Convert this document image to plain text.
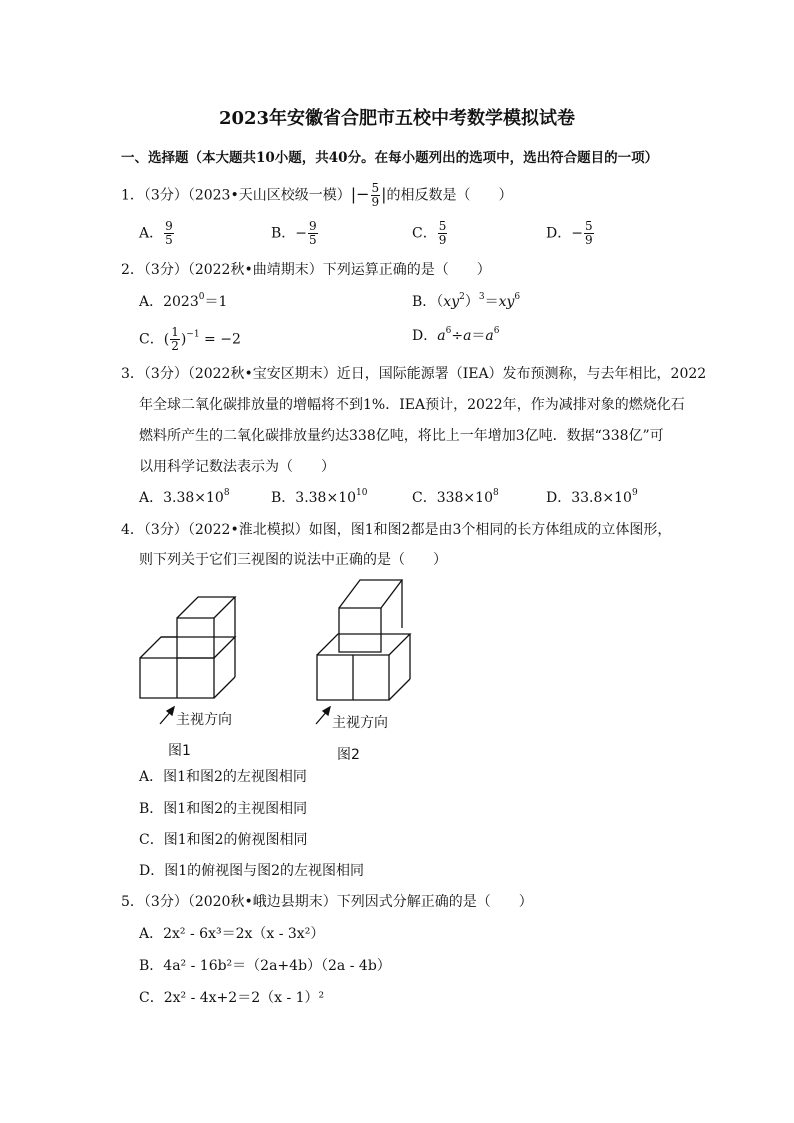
2023年安徽省合肥市五校中考数学模拟试卷
一、选择题（本大题共10小题，共40分。在每小题列出的选项中，选出符合题目的一项）
1．（3分）（2023•天山区校级一模）|− $\frac{5}{9}$ |的相反数是（　　）
A． $\frac{9}{5}$	B．− $\frac{9}{5}$	C． $\frac{5}{9}$	D．− $\frac{5}{9}$
2．（3分）（2022秋•曲靖期末）下列运算正确的是（　　）
A．$2023^0=1$	B．$(xy^2)^3=xy^6$
C．( $\frac{1}{2} )^{-1} = -2$	D．$a^6\div a=a^6$
3．（3分）（2022秋•宝安区期末）近日，国际能源署（IEA）发布预测称，与去年相比，2022
年全球二氧化碳排放量的增幅将不到1%．IEA预计，2022年，作为减排对象的燃烧化石
燃料所产生的二氧化碳排放量约达338亿吨，将比上一年增加3亿吨．数据“338亿”可
以用科学记数法表示为（　　）
A．$3.38\times 10^8$	B．$3.38\times 10^{10}$	C．$338\times 10^8$	D．$33.8\times 10^9$
4．（3分）（2022•淮北模拟）如图，图1和图2都是由3个相同的长方体组成的立体图形，
则下列关于它们三视图的说法中正确的是（　　）
主视方向
图1
主视方向
图2
A．图1和图2的左视图相同
B．图1和图2的主视图相同
C．图1和图2的俯视图相同
D．图1的俯视图与图2的左视图相同
5．（3分）（2020秋•峨边县期末）下列因式分解正确的是（　　）
A．2x² - 6x³＝2x（x - 3x²）
B．4a² - 16b²＝（2a+4b）（2a - 4b）
C．2x² - 4x+2＝2（x - 1）²
